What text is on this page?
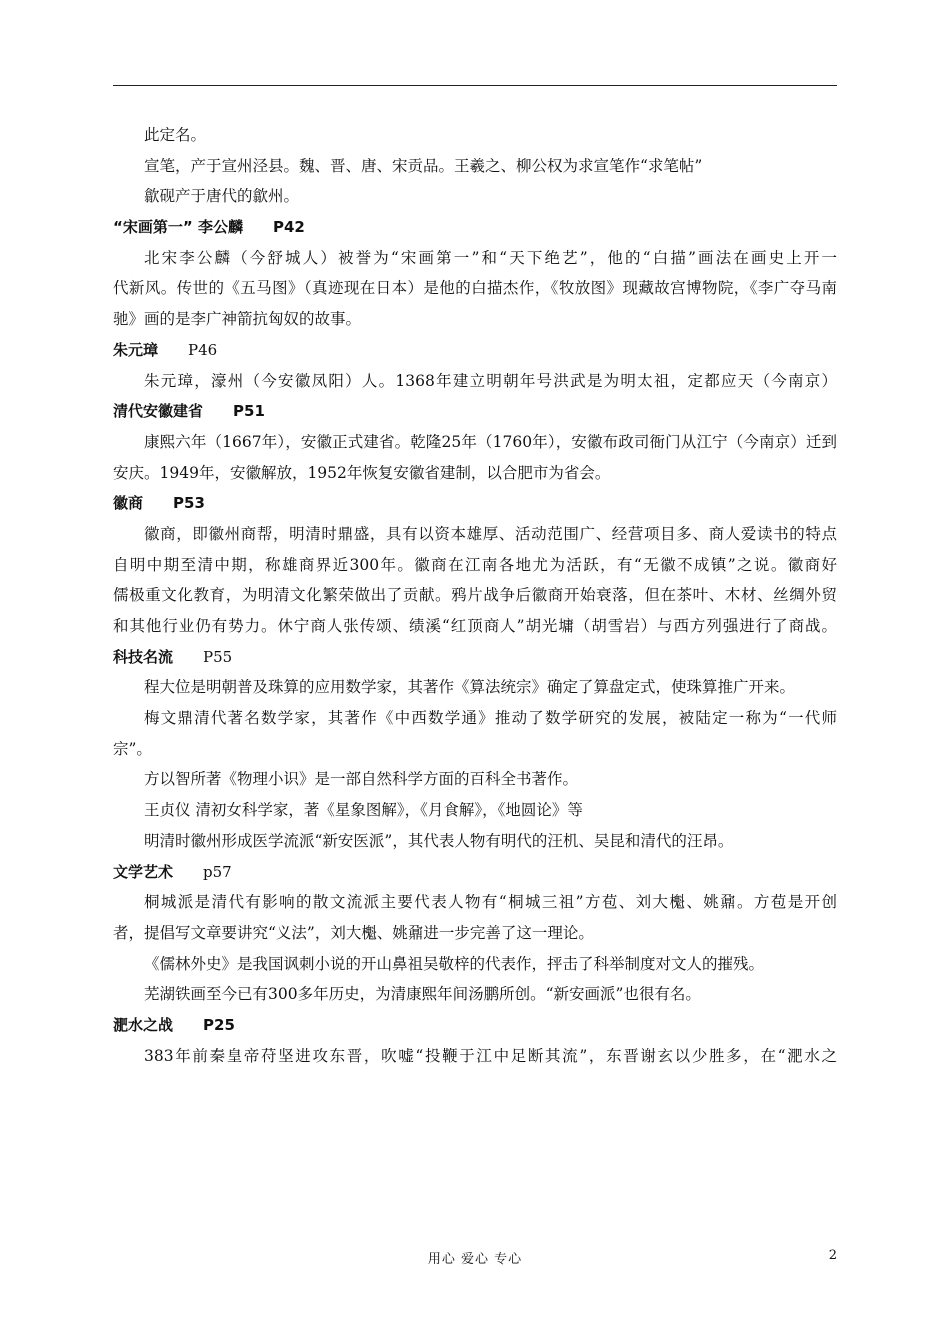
此定名。
宣笔，产于宣州泾县。魏、晋、唐、宋贡品。王羲之、柳公权为求宣笔作“求笔帖”
歙砚产于唐代的歙州。
“宋画第一” 李公麟 P42
北宋李公麟（今舒城人）被誉为“宋画第一”和“天下绝艺”，他的“白描”画法在画史上开一
代新风。传世的《五马图》（真迹现在日本）是他的白描杰作，《牧放图》现藏故宫博物院，《李广夺马南
驰》画的是李广神箭抗匈奴的故事。
朱元璋 P46
朱元璋，濠州（今安徽凤阳）人。1368年建立明朝年号洪武是为明太祖，定都应天（今南京）
清代安徽建省 P51
康熙六年（1667年），安徽正式建省。乾隆25年（1760年），安徽布政司衙门从江宁（今南京）迁到
安庆。1949年，安徽解放，1952年恢复安徽省建制，以合肥市为省会。
徽商 P53
徽商，即徽州商帮，明清时鼎盛，具有以资本雄厚、活动范围广、经营项目多、商人爱读书的特点
自明中期至清中期，称雄商界近300年。徽商在江南各地尤为活跃，有“无徽不成镇”之说。徽商好
儒极重文化教育，为明清文化繁荣做出了贡献。鸦片战争后徽商开始衰落，但在茶叶、木材、丝绸外贸
和其他行业仍有势力。休宁商人张传颂、绩溪“红顶商人”胡光墉（胡雪岩）与西方列强进行了商战。
科技名流 P55
程大位是明朝普及珠算的应用数学家，其著作《算法统宗》确定了算盘定式，使珠算推广开来。
梅文鼎清代著名数学家，其著作《中西数学通》推动了数学研究的发展，被陆定一称为“一代师
宗”。
方以智所著《物理小识》是一部自然科学方面的百科全书著作。
王贞仪 清初女科学家，著《星象图解》，《月食解》，《地圆论》等
明清时徽州形成医学流派“新安医派”，其代表人物有明代的汪机、吴昆和清代的汪昂。
文学艺术 p57
桐城派是清代有影响的散文流派主要代表人物有“桐城三祖”方苞、刘大櫆、姚鼐。方苞是开创
者，提倡写文章要讲究“义法”，刘大櫆、姚鼐进一步完善了这一理论。
《儒林外史》是我国讽刺小说的开山鼻祖吴敬梓的代表作，抨击了科举制度对文人的摧残。
芜湖铁画至今已有300多年历史，为清康熙年间汤鹏所创。“新安画派”也很有名。
淝水之战 P25
383年前秦皇帝苻坚进攻东晋，吹嘘“投鞭于江中足断其流”，东晋谢玄以少胜多，在“淝水之
用心 爱心 专心	2
